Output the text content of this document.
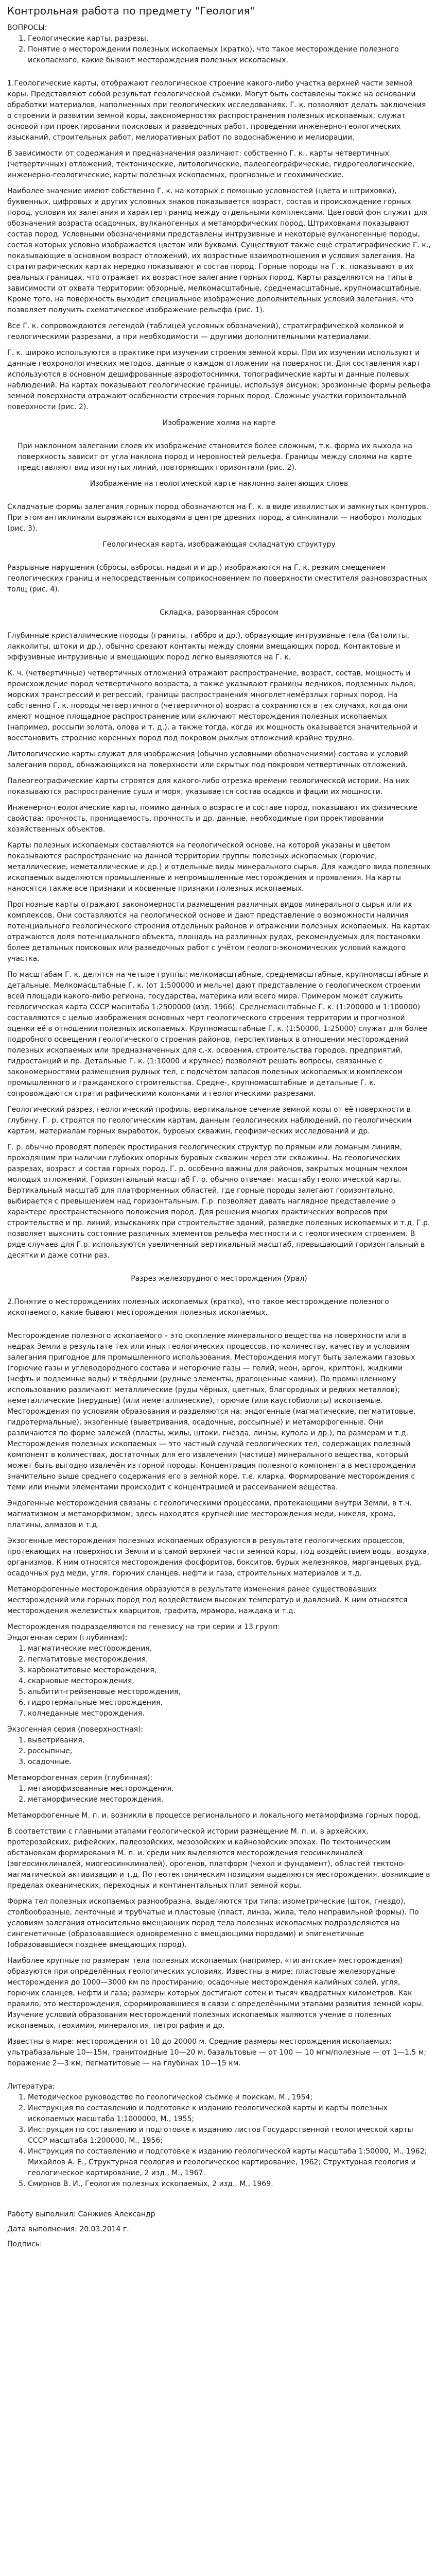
Контрольная работа по предмету "Геология"

ВОПРОСЫ:

1. Геологические карты, разрезы.
2. Понятие о месторождении полезных ископаемых (кратко), что такое месторождение полезного ископаемого, какие бывают месторождения полезных ископаемых.

1.Геологические карты, отображают геологическое строение какого-либо участка верхней части земной коры. Представляют собой результат геологической съёмки. Могут быть составлены также на основании обработки материалов, наполненных при геологических исследованиях. Г. к. позволяют делать заключения о строении и развитии земной коры, закономерностях распространения полезных ископаемых; служат основой при проектировании поисковых и разведочных работ, проведении инженерно-геологических изысканий, строительных работ, мелиоративных работ по водоснабжению и мелиорации.

В зависимости от содержания и предназначения различают: собственно Г. к., карты четвертичных (четвертичных) отложений, тектонические, литологические, палеогеографические, гидрогеологические, инженерно-геологические, карты полезных ископаемых, прогнозные и геохимические.

Наиболее значение имеют собственно Г. к. на которых с помощью условностей (цвета и штриховки), буквенных, цифровых и других условных знаков показывается возраст, состав и происхождение горных пород, условия их залегания и характер границ между отдельными комплексами. Цветовой фон служит для обозначения возраста осадочных, вулканогенных и метаморфических пород. Штриховками показывают состав пород. Условными обозначениями представлены интрузивные и некоторые вулканогенные породы, состав которых условно изображается цветом или буквами. Существуют также ещё стратиграфические Г. к., показывающие в основном возраст отложений, их возрастные взаимоотношения и условия залегания. На стратиграфических картах нередко показывают и состав пород. Горные породы на Г. к. показывают в их реальных границах, что отражает их возрастное залегание горных пород. Карты разделяются на типы в зависимости от охвата территории: обзорные, мелкомасштабные, среднемасштабные, крупномасштабные. Кроме того, на поверхность выходит специальное изображение дополнительных условий залегания, что позволяет получить схематическое изображение рельефа (рис. 1).

Все Г. к. сопровождаются легендой (таблицей условных обозначений), стратиграфической колонкой и геологическими разрезами, а при необходимости — другими дополнительными материалами.

Г. к. широко используются в практике при изучении строения земной коры. При их изучении используют и данные геохронологических методов, данные о каждом отложении на поверхности. Для составления карт используются в основном дешифрованные аэрофотоснимки, топографические карты и данные полевых наблюдений. На картах показывают геологические границы, используя рисунок: эрозионные формы рельефа земной поверхности отражают особенности строения горных пород. Сложные участки горизонтальной поверхности (рис. 2).

Изображение холма на карте

При наклонном залегании слоев их изображение становится более сложным, т.к. форма их выхода на поверхность зависит от угла наклона пород и неровностей рельефа. Границы между слоями на карте представляют вид изогнутых линий, повторяющих горизонтали (рис. 2).

Изображение на геологической карте наклонно залегающих слоев

Складчатые формы залегания горных пород обозначаются на Г. к. в виде извилистых и замкнутых контуров. При этом антиклинали выражаются выходами в центре древних пород, а синклинали — наоборот молодых (рис. 3).

Геологическая карта, изображающая складчатую структуру

Разрывные нарушения (сбросы, взбросы, надвиги и др.) изображаются на Г. к. резким смещением геологических границ и непосредственным соприкосновением по поверхности сместителя разновозрастных толщ (рис. 4).

Складка, разорванная сбросом

Глубинные кристаллические породы (граниты, габбро и др.), образующие интрузивные тела (батолиты, лакколиты, штоки и др.), обычно срезают контакты между слоями вмещающих пород. Контактовые и эффузивные интрузивные и вмещающих пород легко выявляются на Г. к.

К. ч. (четвертичные) четвертичных отложений отражают распространение, возраст, состав, мощность и происхождение пород четвертичного возраста, а также указывают границы ледников, подземных льдов, морских трансгрессий и регрессий, границы распространения многолетнемёрзлых горных пород. На собственно Г. к. породы четвертичного (четвертичного) возраста сохраняются в тех случаях, когда они имеют мощное площадное распространение или включают месторождения полезных ископаемых (например, россыпи золота, олова и т. д.), а также тогда, когда их мощность оказывается значительной и восстановить строение коренных пород под покровом рыхлых отложений крайне трудно.

Литологические карты служат для изображения (обычно условными обозначениями) состава и условий залегания пород, обнажающихся на поверхности или скрытых под покровом четвертичных отложений.

Палеогеографические карты строятся для какого-либо отрезка времени геологической истории. На них показываются распространение суши и моря; указывается состав осадков и фации их мощности.

Инженерно-геологические карты, помимо данных о возрасте и составе пород, показывают их физические свойства: прочность, проницаемость, прочность и др. данные, необходимые при проектировании хозяйственных объектов.

Карты полезных ископаемых составляются на геологической основе, на которой указаны и цветом показываются распространение на данной территории группы полезных ископаемых (горючие, металлические, неметаллические и др.) и отдельные виды минерального сырья. Для каждого вида полезных ископаемых выделяются промышленные и непромышленные месторождения и проявления. На карты наносятся также все признаки и косвенные признаки полезных ископаемых.

Прогнозные карты отражают закономерности размещения различных видов минерального сырья или их комплексов. Они составляются на геологической основе и дают представление о возможности наличия потенциального геологического строения отдельных районов и отражении полезных ископаемых. На картах отражаются доля потенциального объекта, площадь на различных рудах, рекомендуемых для постановки более детальных поисковых или разведочных работ с учётом геолого-экономических условий каждого участка.

По масштабам Г. к. делятся на четыре группы: мелкомасштабные, среднемасштабные, крупномасштабные и детальные. Мелкомасштабные Г. к. (от 1:500000 и мельче) дают представление о геологическом строении всей площади какого-либо региона, государства, материка или всего мира. Примером может служить геологическая карта СССР масштаба 1:2500000 (изд. 1966). Среднемасштабные Г. к. (1:200000 и 1:100000) составляются с целью изображения основных черт геологического строения территории и прогнозной оценки её в отношении полезных ископаемых. Крупномасштабные Г. к. (1:50000, 1:25000) служат для более подробного освещения геологического строения районов, перспективных в отношении месторождений полезных ископаемых или предназначенных для с.-х. освоения, строительства городов, предприятий, гидростанций и пр. Детальные Г. к. (1:10000 и крупнее) позволяют решать вопросы, связанные с закономерностями размещения рудных тел, с подсчётом запасов полезных ископаемых и комплексом промышленного и гражданского строительства. Средне-, крупномасштабные и детальные Г. к. сопровождаются стратиграфическими колонками и геологическими разрезами.

Геологический разрез, геологический профиль, вертикальное сечение земной коры от её поверхности в глубину. Г. р. строятся по геологическим картам, данным геологических наблюдений, по геологическим картам, материалам горных выработок, буровых скважин, геофизических исследований и др.

Г. р. обычно проводят поперёк простирания геологических структур по прямым или ломаным линиям, проходящим при наличии глубоких опорных буровых скважин через эти скважины. На геологических разрезах, возраст и состав горных пород. Г. р. особенно важны для районов, закрытых мощным чехлом молодых отложений. Горизонтальный масштаб Г. р. обычно отвечает масштабу геологической карты. Вертикальный масштаб для платформенных областей, где горные породы залегают горизонтально, выбирается с превышением над горизонтальным. Г.р. позволяет давать наглядное представление о характере пространственного положения пород. Для решения многих практических вопросов при строительстве и пр. линий, изысканиях при строительстве зданий, разведке полезных ископаемых и т.д. Г.р. позволяет выяснить состояние различных элементов рельефа местности и с геологическим строением. В ряде случаев для Г.р. используются увеличенный вертикальный масштаб, превышающий горизонтальный в десятки и даже сотни раз.

Разрез железорудного месторождения (Урал)

2.Понятие о месторождениях полезных ископаемых (кратко), что такое месторождение полезного ископаемого, какие бывают месторождения полезных ископаемых.

Месторождение полезного ископаемого – это скопление минерального вещества на поверхности или в недрах Земли в результате тех или иных геологических процессов, по количеству, качеству и условиям залегания пригодное для промышленного использования. Месторождения могут быть залежами газовых (горючие газы и углеводородного состава и негорючие газы — гелий, неон, аргон, криптон), жидкими (нефть и подземные воды) и твёрдыми (рудные элементы, драгоценные камни). По промышленному использованию различают: металлические (руды чёрных, цветных, благородных и редких металлов); неметаллические (нерудные) (или неметаллические), горючие (или каустобиолиты) ископаемые. Месторождения по условиям образования и разделяются на: эндогенные (магматические, пегматитовые, гидротермальные), экзогенные (выветривания, осадочные, россыпные) и метаморфогенные. Они различаются по форме залежей (пласты, жилы, штоки, гнёзда, линзы, купола и др.), по размерам и т.д. Месторождения полезных ископаемых — это частный случай геологических тел, содержащих полезный компонент в количествах, достаточных для его извлечения (частица) минерального вещества, который может быть выгодно извлечён из горной породы. Концентрация полезного компонента в месторождении значительно выше среднего содержания его в земной коре, т.е. кларка. Формирование месторождения с теми или иными элементами происходит с концентрацией и рассеиванием вещества.

Эндогенные месторождения связаны с геологическими процессами, протекающими внутри Земли, в т.ч. магматизмом и метаморфизмом; здесь находятся крупнейшие месторождения меди, никеля, хрома, платины, алмазов и т.д.

Экзогенные месторождения полезных ископаемых образуются в результате геологических процессов, протекающих на поверхности Земли и в самой верхней части земной коры, под воздействием воды, воздуха, организмов. К ним относятся месторождения фосфоритов, бокситов, бурых железняков, марганцевых руд, осадочных руд меди, угля, горючих сланцев, нефти и газа, строительных материалов и т.д.

Метаморфогенные месторождения образуются в результате изменения ранее существовавших месторождений или горных пород под воздействием высоких температур и давлений. К ним относятся месторождения железистых кварцитов, графита, мрамора, наждака и т.д.

Месторождения подразделяются по генезису на три серии и 13 групп:

Эндогенная серия (глубинная):

1. магматические месторождения,
2. пегматитовые месторождения,
3. карбонатитовые месторождения,
4. скарновые месторождения,
5. альбитит-грейзеновые месторождения,
6. гидротермальные месторождения,
7. колчеданные месторождения.

Экзогенная серия (поверхностная):

1. выветривания,
2. россыпные,
3. осадочные.

Метаморфогенная серия (глубинная):

1. метаморфизованные месторождения,
2. метаморфические месторождения.

Метаморфогенные М. п. и. возникли в процессе регионального и локального метаморфизма горных пород.

В соответствии с главными этапами геологической истории размещение М. п. и. в архейских, протерозойских, рифейских, палеозойских, мезозойских и кайнозойских эпохах. По тектоническим обстановкам формирования М. п. и. среди них выделяются месторождения геосинклиналей (эвгеосинклиналей, миогеосинклиналей), орогенов, платформ (чехол и фундамент), областей тектоно-магматической активизации и т.д. По геотектоническим позициям выделяются месторождения, возникшие в пределах океанических, переходных и континентальных плит земной коры.

Форма тел полезных ископаемых разнообразна, выделяются три типа: изометрические (шток, гнездо), столбообразные, ленточные и трубчатые и пластовые (пласт, линза, жила, тело неправильной формы). По условиям залегания относительно вмещающих пород тела полезных ископаемых подразделяются на сингенетичные (образовавшиеся одновременно с вмещающими породами) и эпигенетичные (образовавшиеся позднее вмещающих пород).

Наиболее крупные по размерам тела полезных ископаемых (например, «гигантские» месторождения) образуются при определённых геологических условиях. Известны в мире: пластовые железорудные месторождения до 1000—3000 км по простиранию; осадочные месторождения калийных солей, угля, горючих сланцев, нефти и газа; размеры которых достигают сотен и тысяч квадратных километров. Как правило, это месторождения, сформировавшиеся в связи с определёнными этапами развития земной коры. Изучение условий образования месторождений полезных ископаемых являются учение о полезных ископаемых, геохимия, минералогия, петрография и др.

Известны в мире: месторождения от 10 до 20000 м. Средние размеры месторождения ископаемых: ультрабазальные 10—15м, гранитоидные 10—20 м, базальтовые — от 100 — 10 мгм/полезные — от 1—1,5 м; поражение 2—3 км; пегматитовые — на глубинах 10—15 км.

Литература:

1. Методическое руководство по геологической съёмке и поискам, М., 1954;
2. Инструкция по составлению и подготовке к изданию геологической карты и карты полезных ископаемых масштаба 1:1000000, М., 1955;
3. Инструкция по составлению и подготовке к изданию листов Государственной геологической карты СССР масштаба 1:200000, М., 1956;
4. Инструкция по составлению и подготовке к изданию геологической карты масштаба 1:50000, М., 1962; Михайлов А. Е., Структурная геология и геологическое картирование, 1962; Структурная геология и геологическое картирование, 2 изд., М., 1967.
5. Смирнов В. И., Геология полезных ископаемых, 2 изд., М., 1969.

Работу выполнил: Санжиев Александр

Дата выполнения: 20.03.2014 г.

Подпись:
